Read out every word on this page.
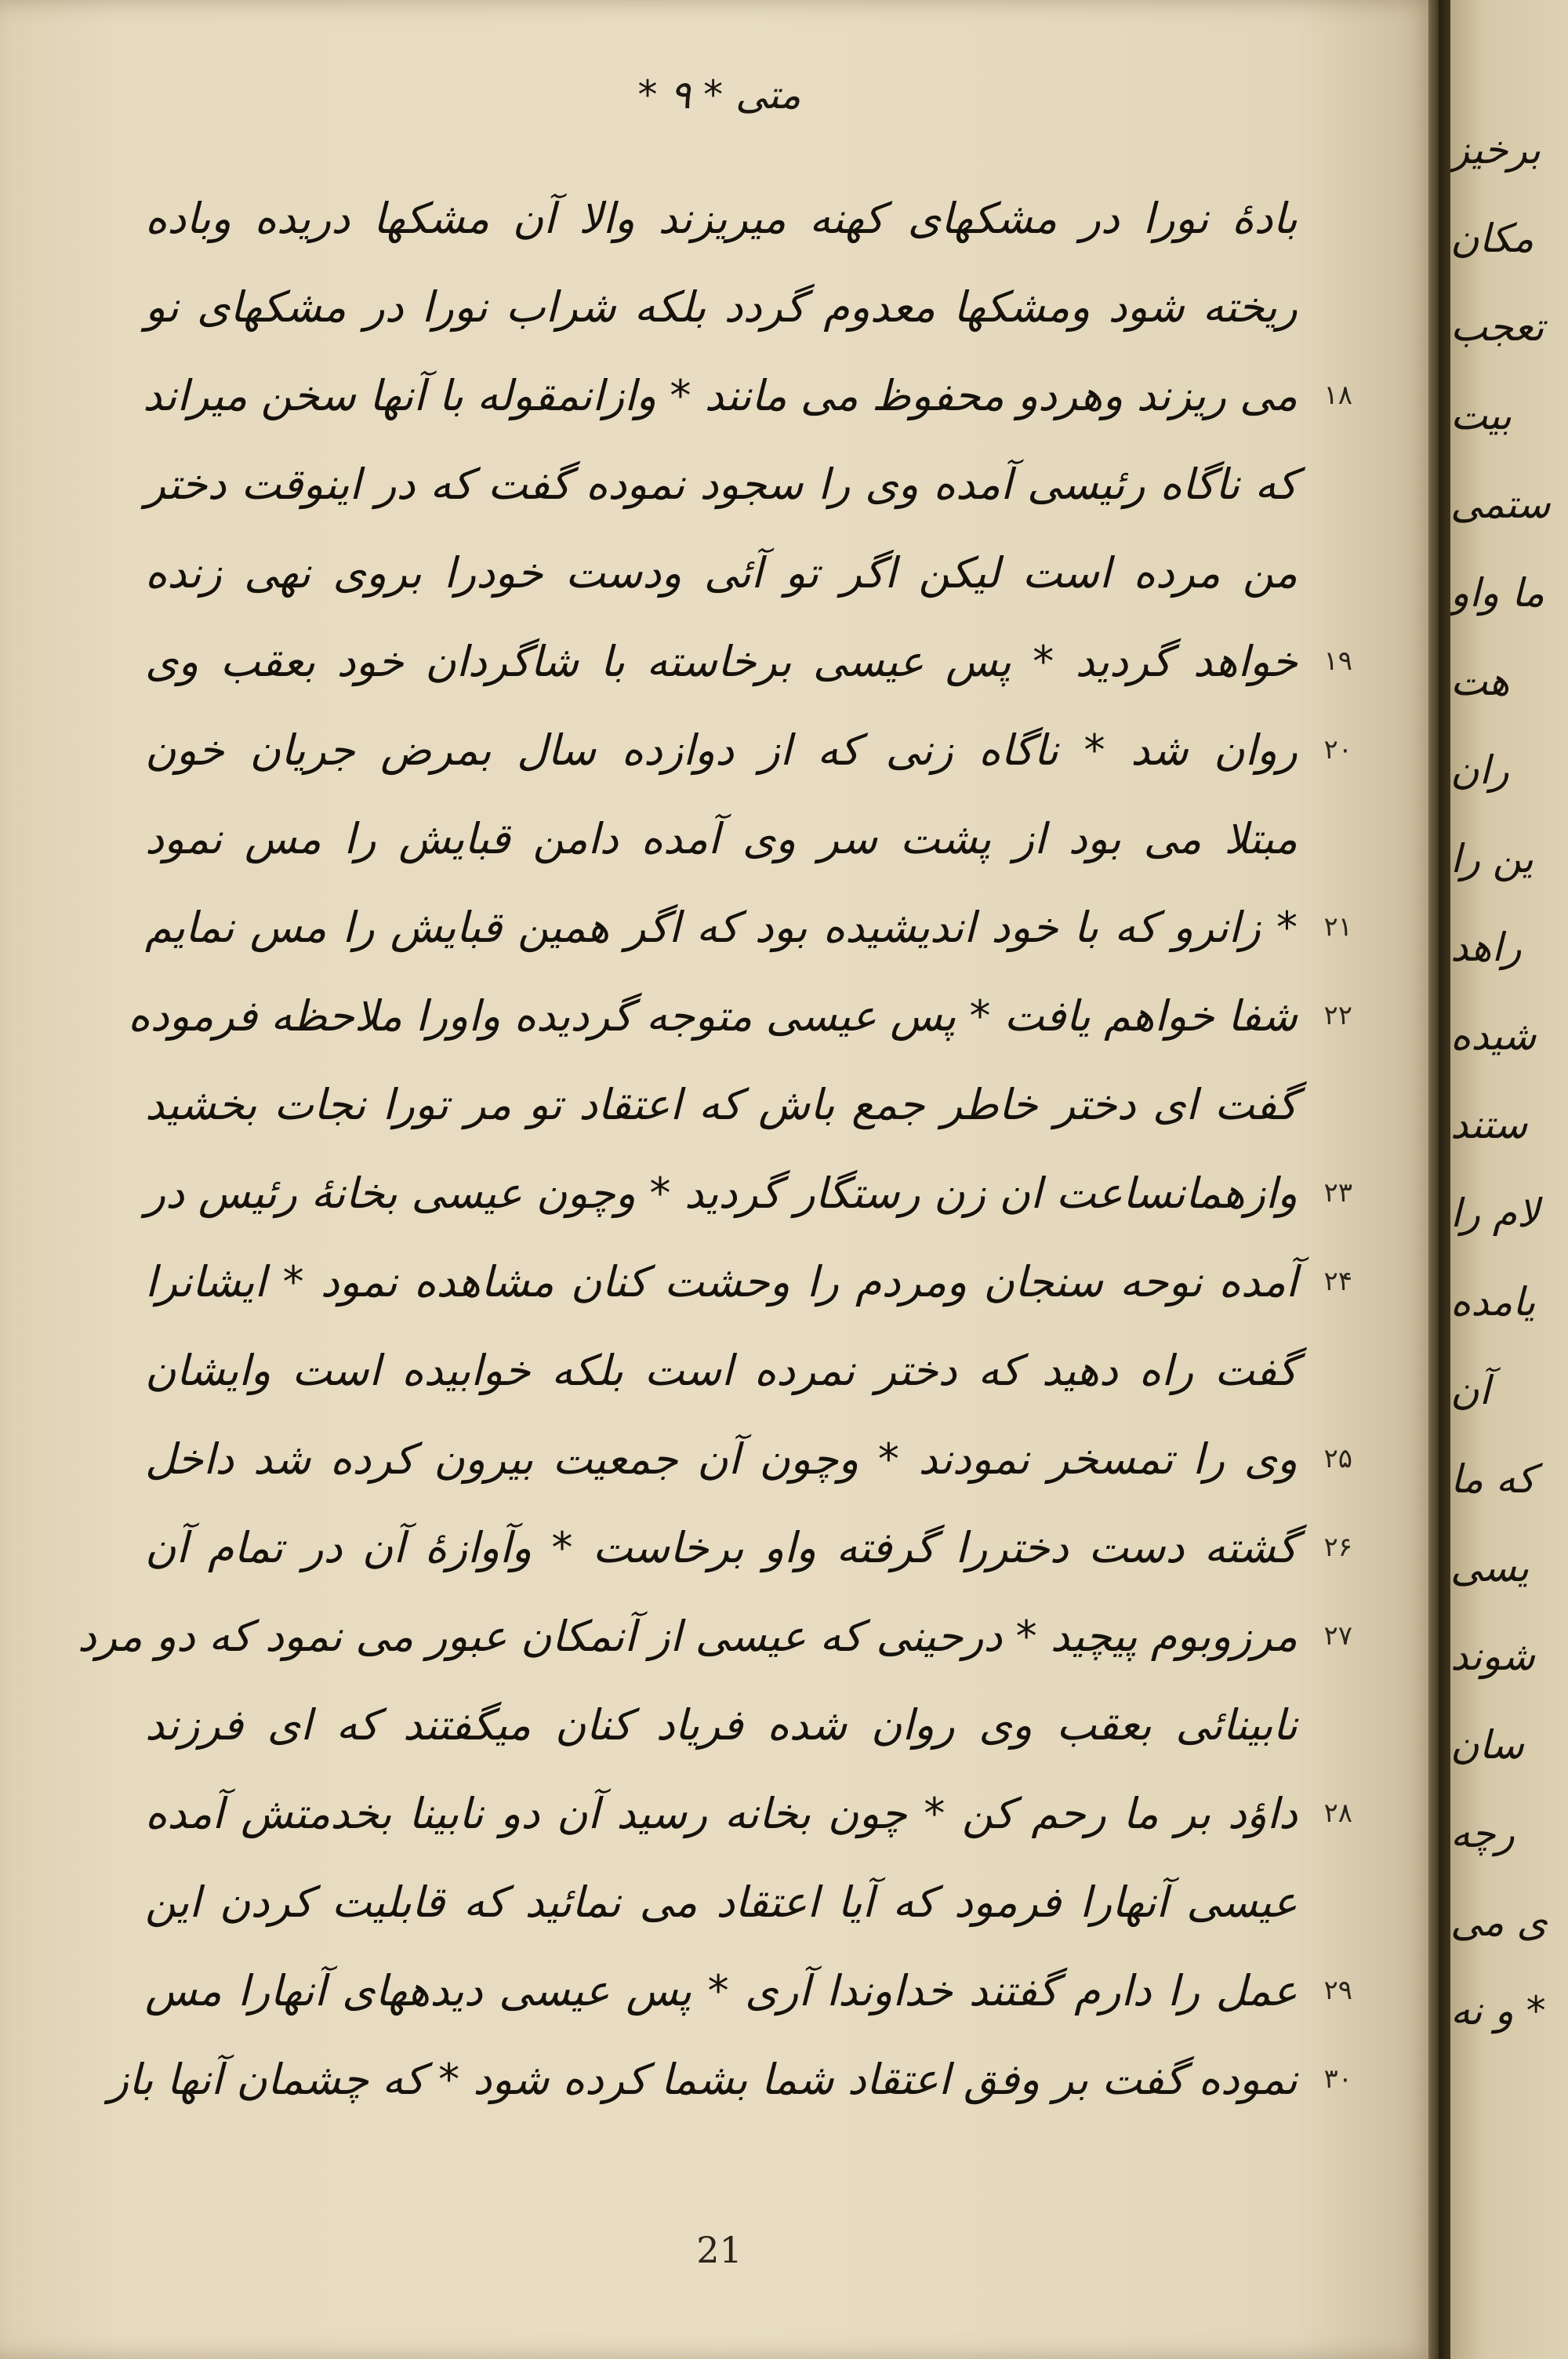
متی * ۹ *
بادهٔ نورا در مشکهای کهنه میریزند والا آن مشکها دریده وباده
ریخته شود ومشکها معدوم گردد بلکه شراب نورا در مشکهای نو
می ریزند وهردو محفوظ می مانند * وازانمقوله با آنها سخن میراند ۱۸
که ناگاه رئیسی آمده وی را سجود نموده گفت که در اینوقت دختر
من مرده است لیکن اگر تو آئی ودست خودرا بروی نهی زنده
خواهد گردید * پس عیسی برخاسته با شاگردان خود بعقب وی ۱۹
روان شد * ناگاه زنی که از دوازده سال بمرض جریان خون ۲۰
مبتلا می بود از پشت سر وی آمده دامن قبایش را مس نمود
* زانرو که با خود اندیشیده بود که اگر همین قبایش را مس نمایم ۲۱
شفا خواهم یافت * پس عیسی متوجه گردیده واورا ملاحظه فرموده ۲۲
گفت ای دختر خاطر جمع باش که اعتقاد تو مر تورا نجات بخشید
وازهمانساعت ان زن رستگار گردید * وچون عیسی بخانهٔ رئیس در ۲۳
آمده نوحه سنجان ومردم را وحشت کنان مشاهده نمود * ایشانرا ۲۴
گفت راه دهید که دختر نمرده است بلکه خوابیده است وایشان
وی را تمسخر نمودند * وچون آن جمعیت بیرون کرده شد داخل ۲۵
گشته دست دختررا گرفته واو برخاست * وآوازهٔ آن در تمام آن ۲۶
مرزوبوم پیچید * درحینی که عیسی از آنمکان عبور می نمود که دو مرد ۲۷
نابینائی بعقب وی روان شده فریاد کنان میگفتند که ای فرزند
داؤد بر ما رحم کن * چون بخانه رسید آن دو نابینا بخدمتش آمده ۲۸
عیسی آنهارا فرمود که آیا اعتقاد می نمائید که قابلیت کردن این
عمل را دارم گفتند خداوندا آری * پس عیسی دیدههای آنهارا مس ۲۹
نموده گفت بر وفق اعتقاد شما بشما کرده شود * که چشمان آنها باز ۳۰
21
برخیز
مکان
تعجب
بیت
ستمی
ما واو
هت
ران
ین را
راهد
شیده
ستند
لام را
یامده
آن
که ما
یسی
شوند
سان
رچه
ی می
* و نه
